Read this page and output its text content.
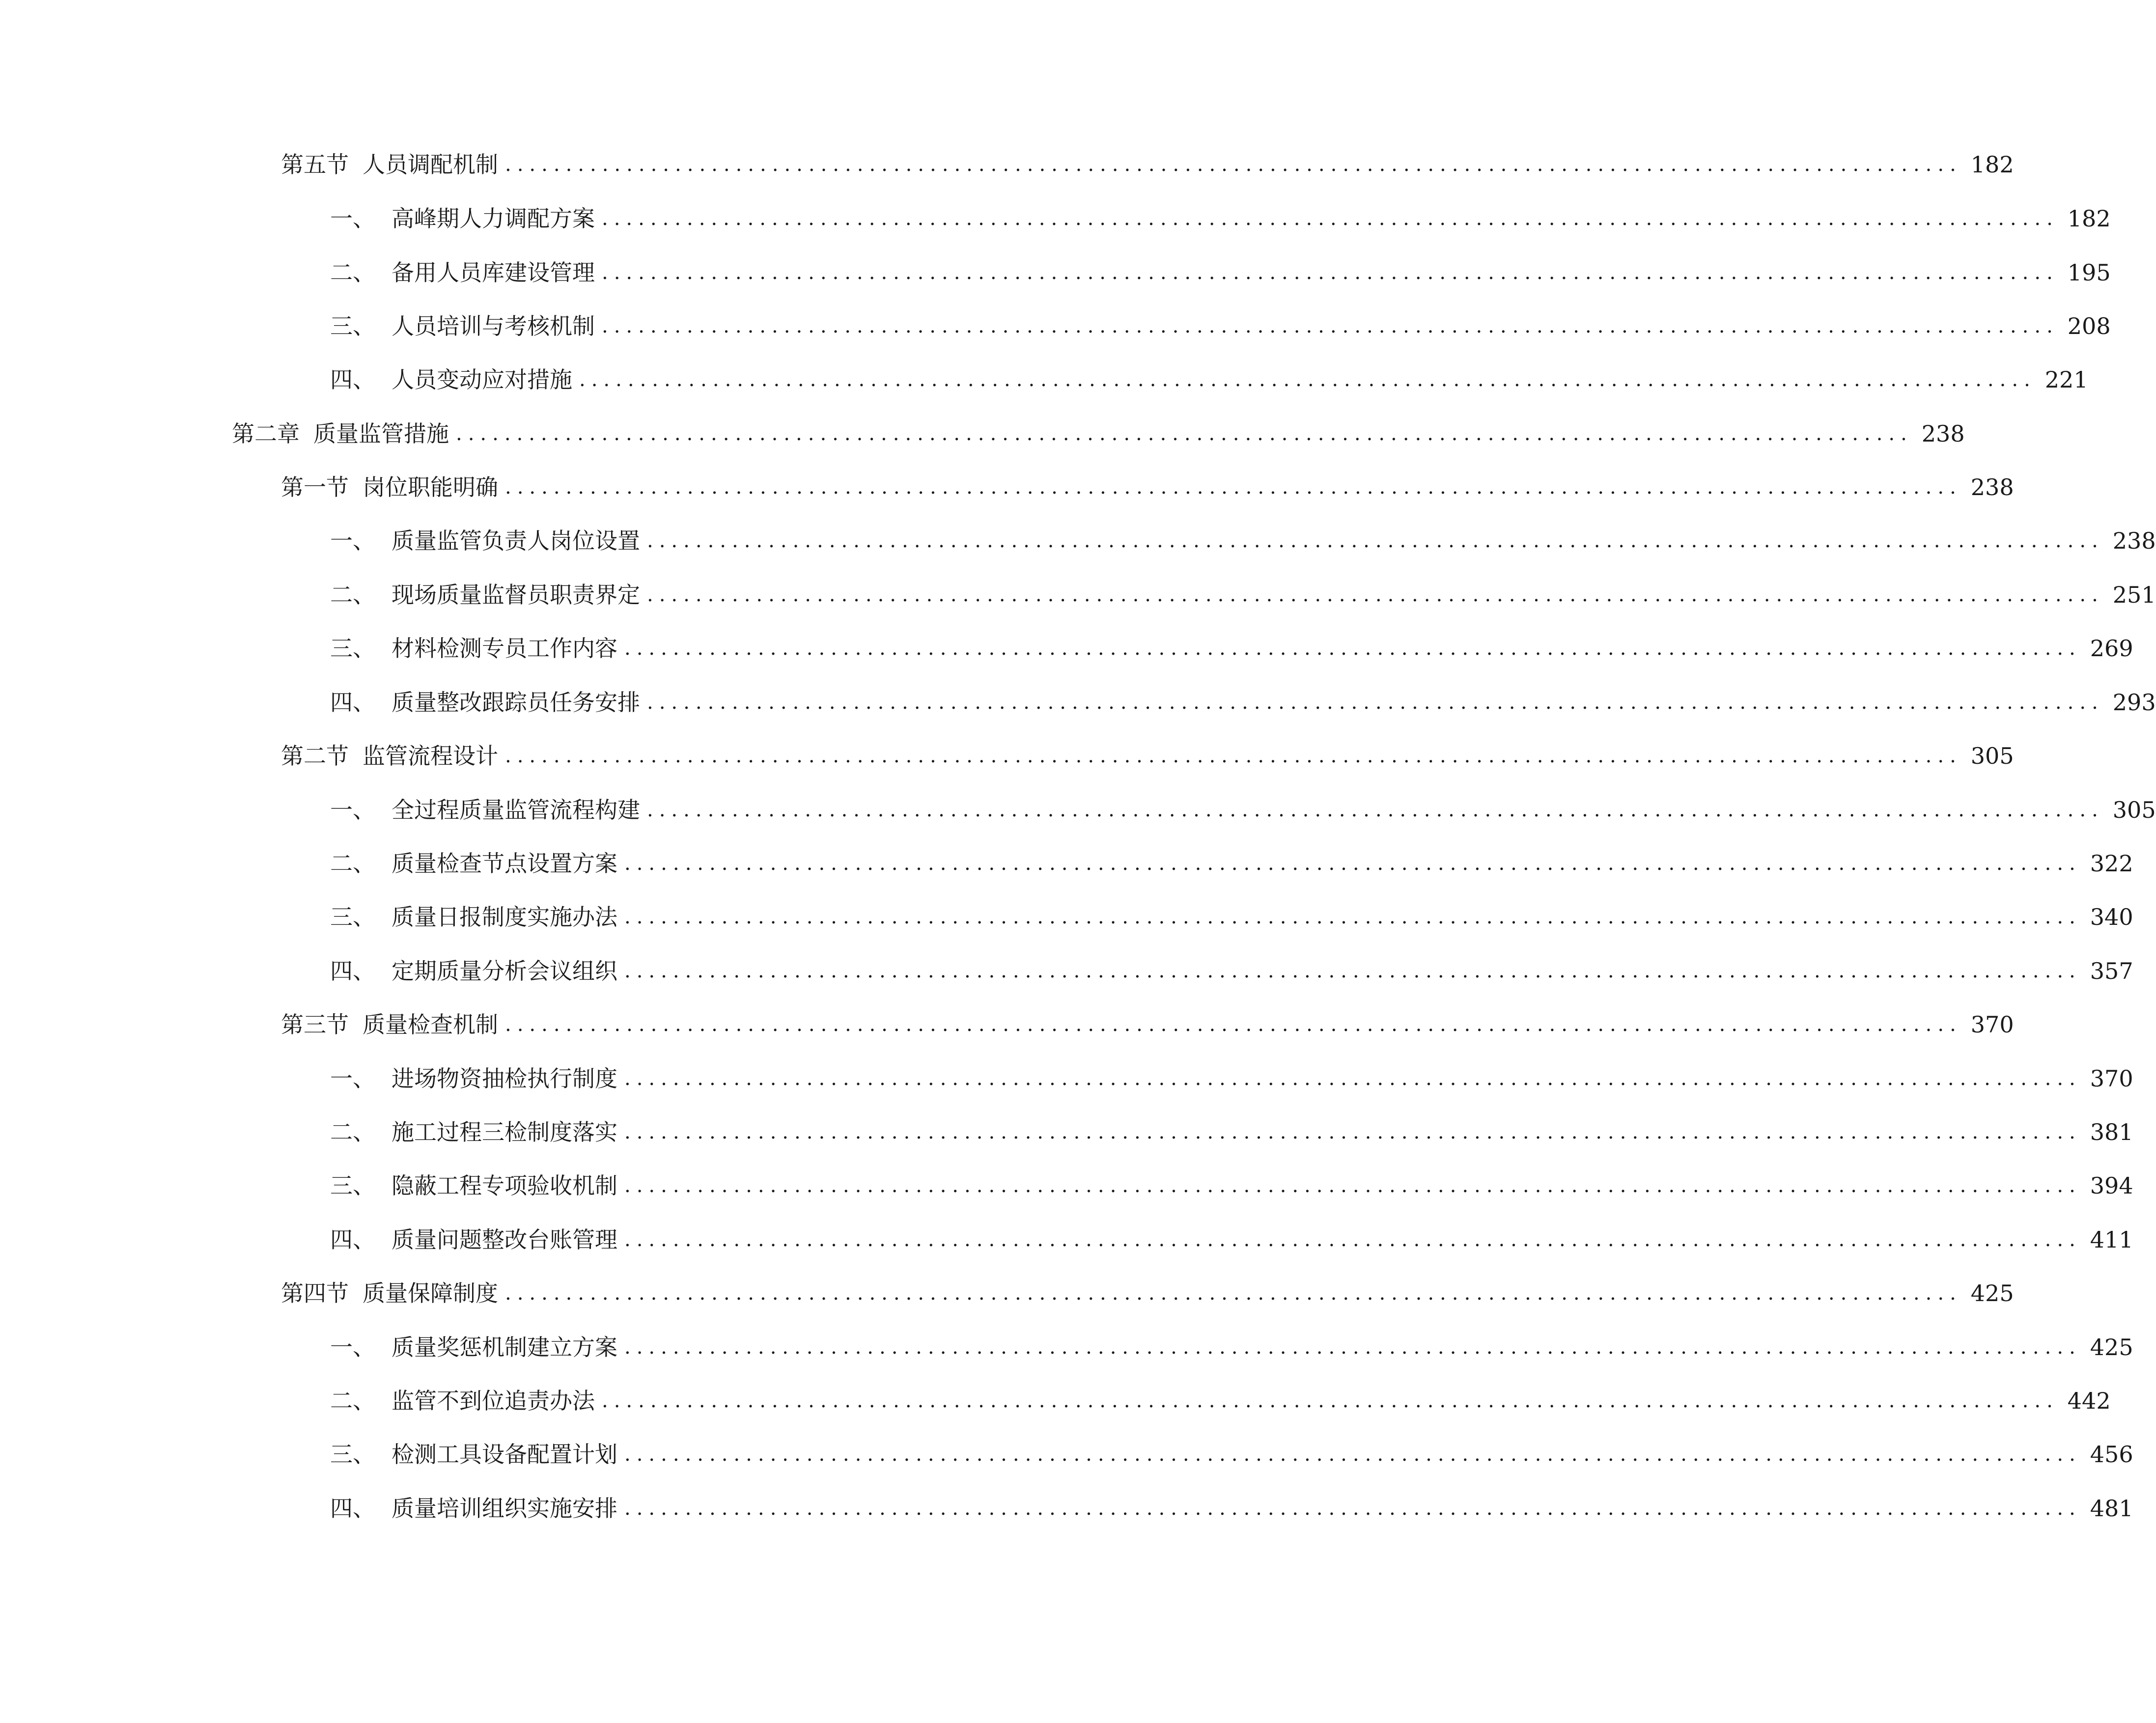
第五节 人员调配机制 ........................................................................................................................ 182
一、 高峰期人力调配方案 ........................................................................................................................ 182
二、 备用人员库建设管理 ........................................................................................................................ 195
三、 人员培训与考核机制 ........................................................................................................................ 208
四、 人员变动应对措施 ........................................................................................................................ 221
第二章 质量监管措施 ........................................................................................................................ 238
第一节 岗位职能明确 ........................................................................................................................ 238
一、 质量监管负责人岗位设置 ........................................................................................................................ 238
二、 现场质量监督员职责界定 ........................................................................................................................ 251
三、 材料检测专员工作内容 ........................................................................................................................ 269
四、 质量整改跟踪员任务安排 ........................................................................................................................ 293
第二节 监管流程设计 ........................................................................................................................ 305
一、 全过程质量监管流程构建 ........................................................................................................................ 305
二、 质量检查节点设置方案 ........................................................................................................................ 322
三、 质量日报制度实施办法 ........................................................................................................................ 340
四、 定期质量分析会议组织 ........................................................................................................................ 357
第三节 质量检查机制 ........................................................................................................................ 370
一、 进场物资抽检执行制度 ........................................................................................................................ 370
二、 施工过程三检制度落实 ........................................................................................................................ 381
三、 隐蔽工程专项验收机制 ........................................................................................................................ 394
四、 质量问题整改台账管理 ........................................................................................................................ 411
第四节 质量保障制度 ........................................................................................................................ 425
一、 质量奖惩机制建立方案 ........................................................................................................................ 425
二、 监管不到位追责办法 ........................................................................................................................ 442
三、 检测工具设备配置计划 ........................................................................................................................ 456
四、 质量培训组织实施安排 ........................................................................................................................ 481
